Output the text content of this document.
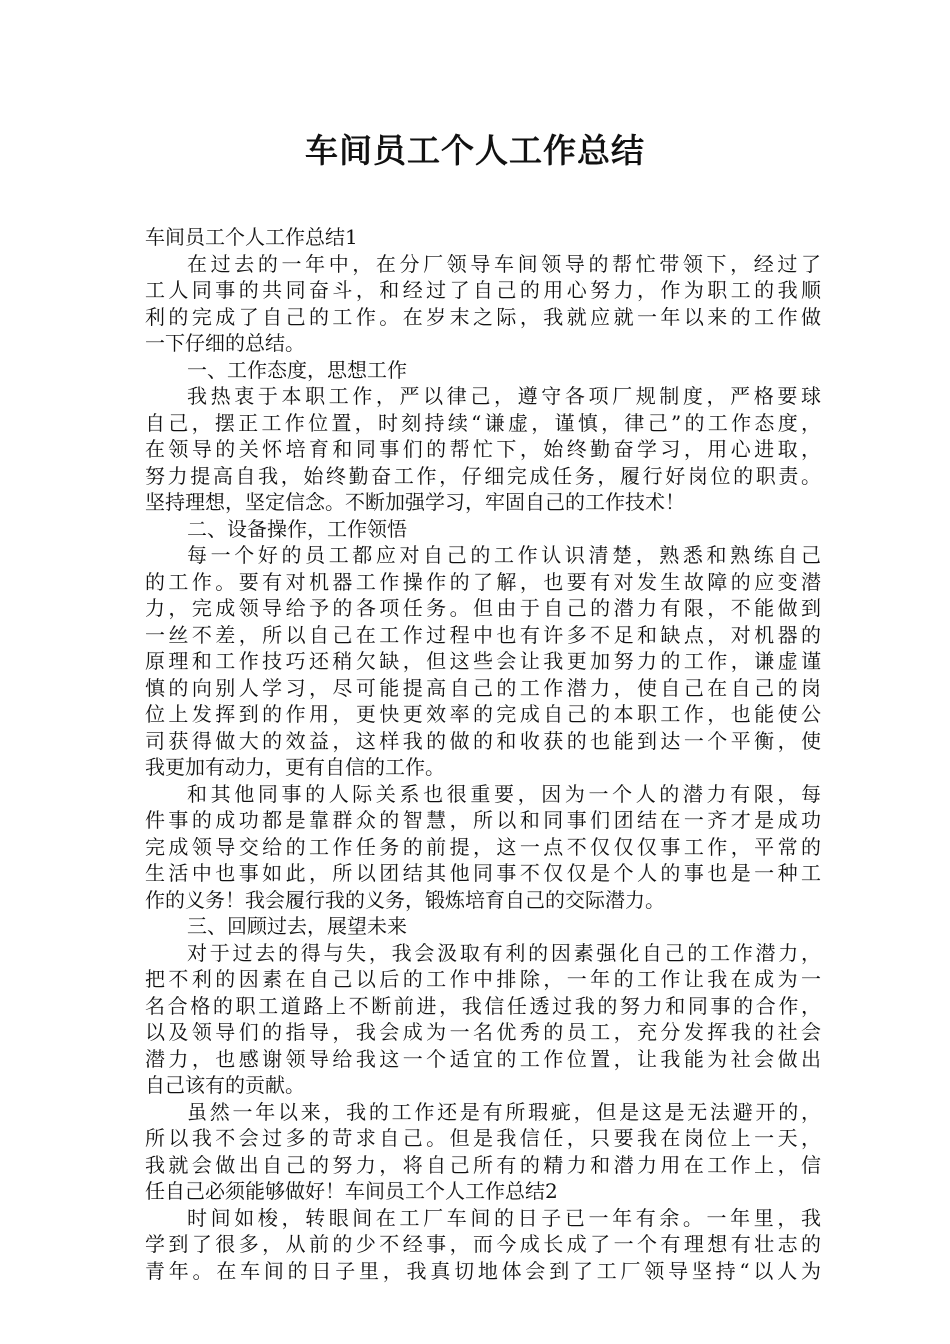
车间员工个人工作总结
车间员工个人工作总结1
在过去的一年中，在分厂领导车间领导的帮忙带领下，经过了
工人同事的共同奋斗，和经过了自己的用心努力，作为职工的我顺
利的完成了自己的工作。在岁末之际，我就应就一年以来的工作做
一下仔细的总结。
一、工作态度，思想工作
我热衷于本职工作，严以律己，遵守各项厂规制度，严格要球
自己，摆正工作位置，时刻持续“谦虚，谨慎，律己”的工作态度，
在领导的关怀培育和同事们的帮忙下，始终勤奋学习，用心进取，
努力提高自我，始终勤奋工作，仔细完成任务，履行好岗位的职责。
坚持理想，坚定信念。不断加强学习，牢固自己的工作技术！
二、设备操作，工作领悟
每一个好的员工都应对自己的工作认识清楚，熟悉和熟练自己
的工作。要有对机器工作操作的了解，也要有对发生故障的应变潜
力，完成领导给予的各项任务。但由于自己的潜力有限，不能做到
一丝不差，所以自己在工作过程中也有许多不足和缺点，对机器的
原理和工作技巧还稍欠缺，但这些会让我更加努力的工作，谦虚谨
慎的向别人学习，尽可能提高自己的工作潜力，使自己在自己的岗
位上发挥到的作用，更快更效率的完成自己的本职工作，也能使公
司获得做大的效益，这样我的做的和收获的也能到达一个平衡，使
我更加有动力，更有自信的工作。
和其他同事的人际关系也很重要，因为一个人的潜力有限，每
件事的成功都是靠群众的智慧，所以和同事们团结在一齐才是成功
完成领导交给的工作任务的前提，这一点不仅仅仅事工作，平常的
生活中也事如此，所以团结其他同事不仅仅是个人的事也是一种工
作的义务！我会履行我的义务，锻炼培育自己的交际潜力。
三、回顾过去，展望未来
对于过去的得与失，我会汲取有利的因素强化自己的工作潜力，
把不利的因素在自己以后的工作中排除，一年的工作让我在成为一
名合格的职工道路上不断前进，我信任透过我的努力和同事的合作，
以及领导们的指导，我会成为一名优秀的员工，充分发挥我的社会
潜力，也感谢领导给我这一个适宜的工作位置，让我能为社会做出
自己该有的贡献。
虽然一年以来，我的工作还是有所瑕疵，但是这是无法避开的，
所以我不会过多的苛求自己。但是我信任，只要我在岗位上一天，
我就会做出自己的努力，将自己所有的精力和潜力用在工作上，信
任自己必须能够做好！车间员工个人工作总结2
时间如梭，转眼间在工厂车间的日子已一年有余。一年里，我
学到了很多，从前的少不经事，而今成长成了一个有理想有壮志的
青年。在车间的日子里，我真切地体会到了工厂领导坚持“以人为
